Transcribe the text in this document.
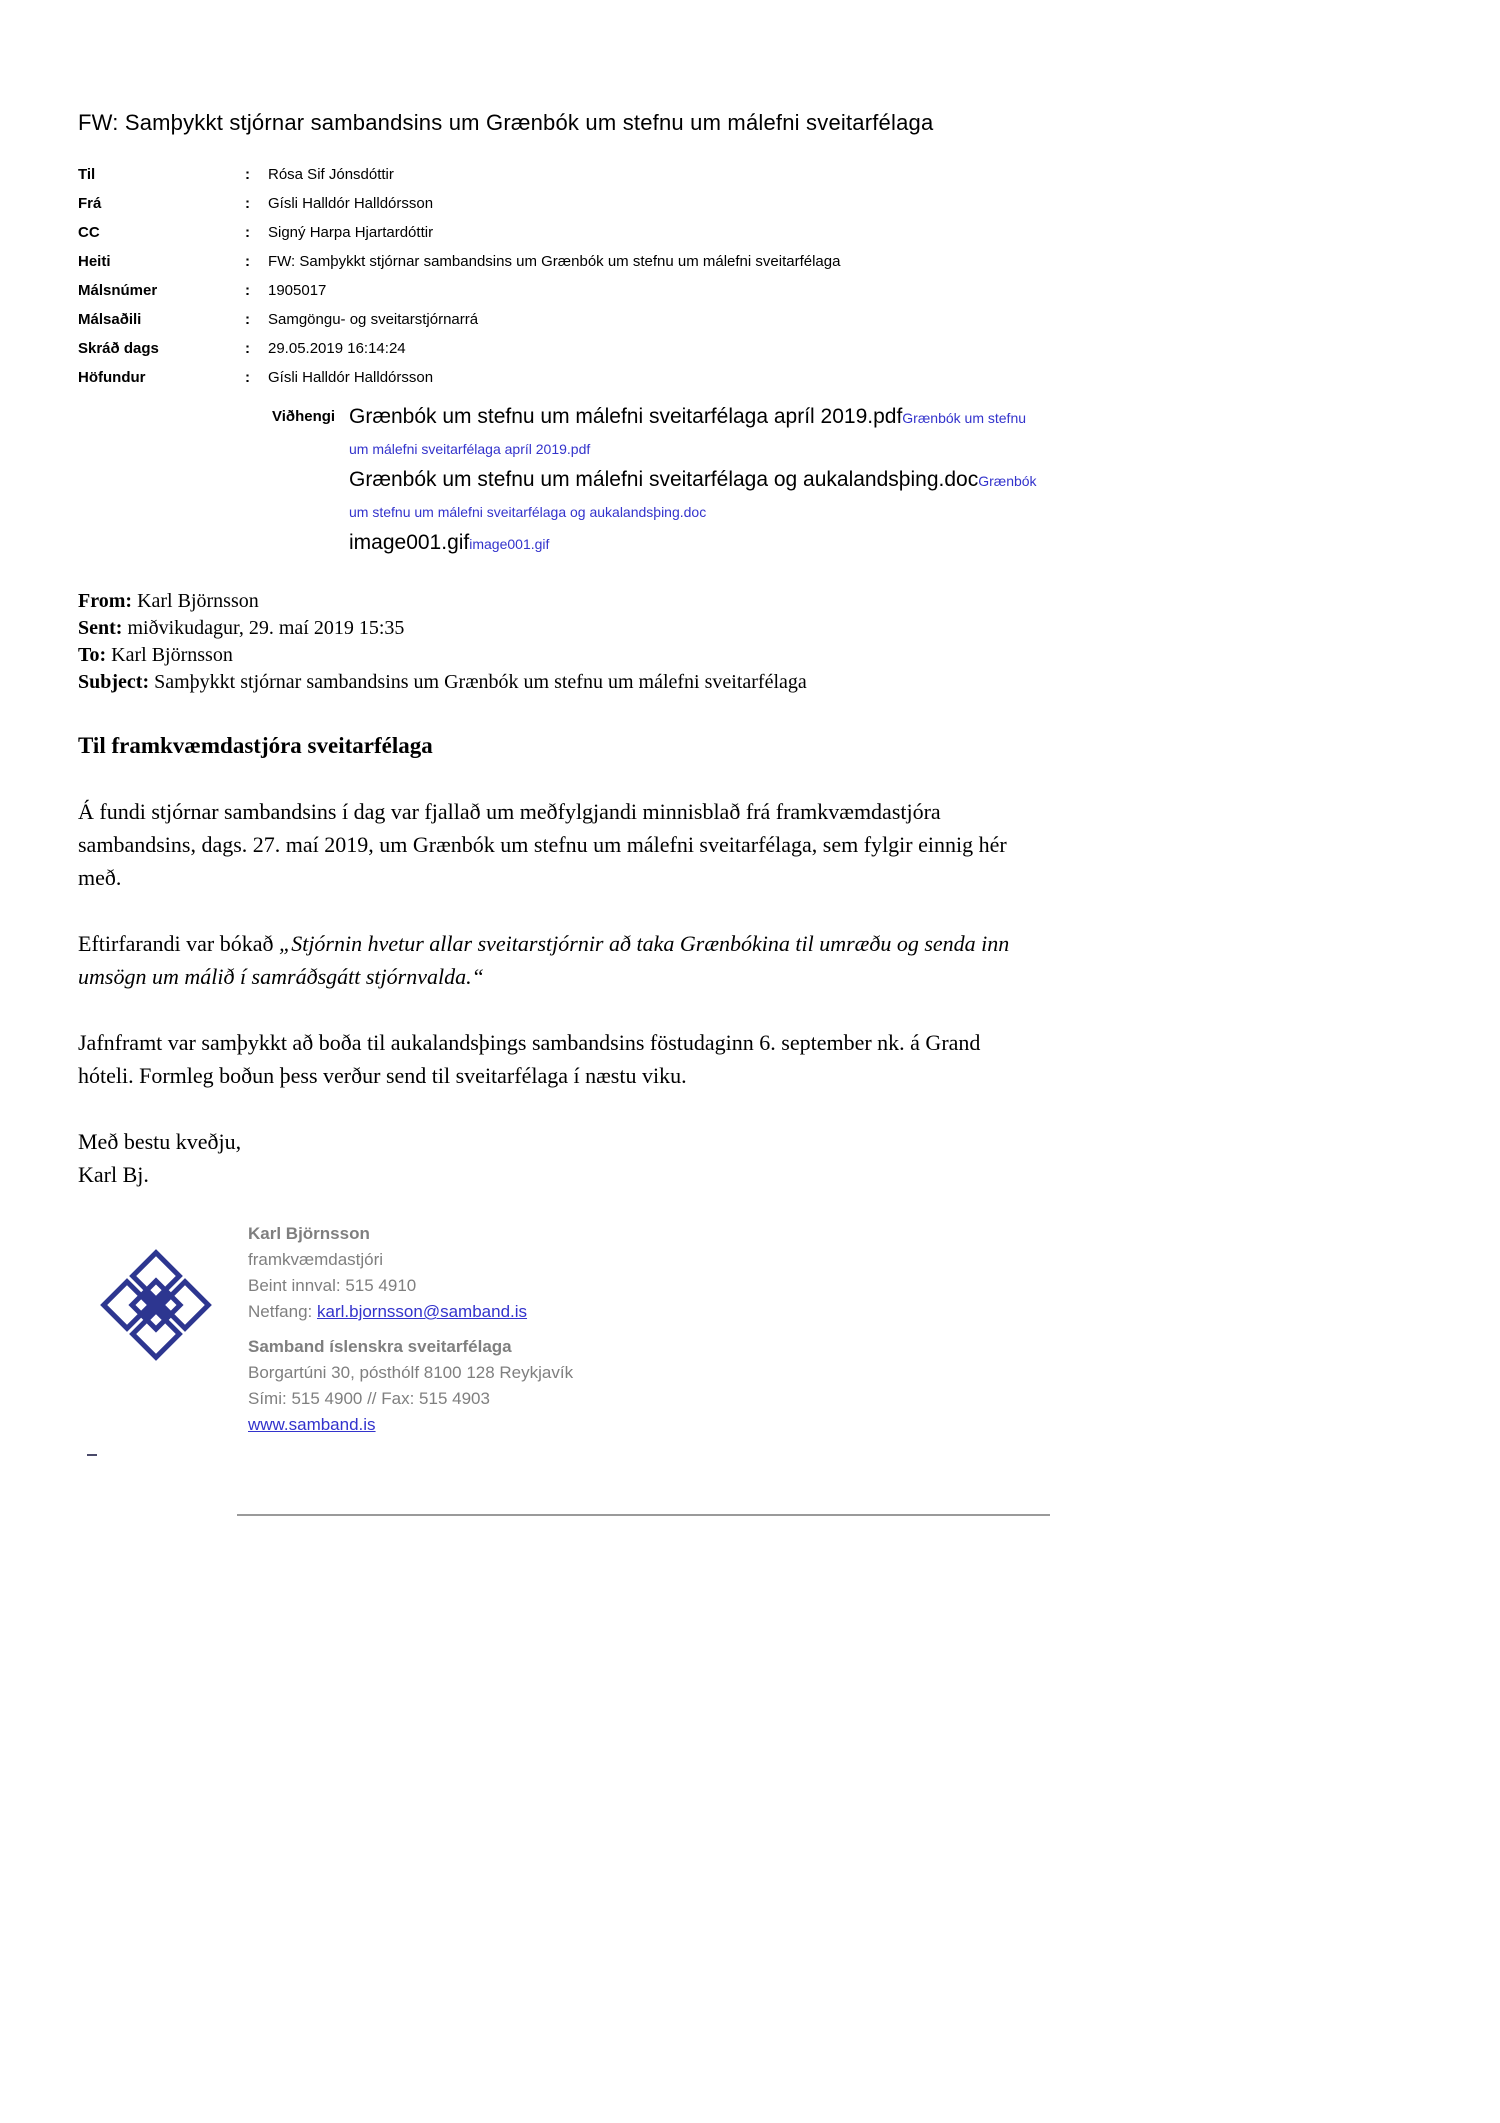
FW: Samþykkt stjórnar sambandsins um Grænbók um stefnu um málefni sveitarfélaga
Til	:	Rósa Sif Jónsdóttir
Frá	:	Gísli Halldór Halldórsson
CC	:	Signý Harpa Hjartardóttir
Heiti	:	FW: Samþykkt stjórnar sambandsins um Grænbók um stefnu um málefni sveitarfélaga
Málsnúmer	:	1905017
Málsaðili	:	Samgöngu- og sveitarstjórnarrá
Skráð dags	:	29.05.2019 16:14:24
Höfundur	:	Gísli Halldór Halldórsson
Viðhengi Grænbók um stefnu um málefni sveitarfélaga apríl 2019.pdfGrænbók um stefnu um málefni sveitarfélaga apríl 2019.pdf
Grænbók um stefnu um málefni sveitarfélaga og aukalandsþing.docGrænbók um stefnu um málefni sveitarfélaga og aukalandsþing.doc
image001.gifimage001.gif
From: Karl Björnsson
Sent: miðvikudagur, 29. maí 2019 15:35
To: Karl Björnsson
Subject: Samþykkt stjórnar sambandsins um Grænbók um stefnu um málefni sveitarfélaga

Til framkvæmdastjóra sveitarfélaga

Á fundi stjórnar sambandsins í dag var fjallað um meðfylgjandi minnisblað frá framkvæmdastjóra sambandsins, dags. 27. maí 2019, um Grænbók um stefnu um málefni sveitarfélaga, sem fylgir einnig hér með.

Eftirfarandi var bókað „Stjórnin hvetur allar sveitarstjórnir að taka Grænbókina til umræðu og senda inn umsögn um málið í samráðsgátt stjórnvalda.“

Jafnframt var samþykkt að boða til aukalandsþings sambandsins föstudaginn 6. september nk. á Grand hóteli. Formleg boðun þess verður send til sveitarfélaga í næstu viku.

Með bestu kveðju,
Karl Bj.
Karl Björnsson
framkvæmdastjóri
Beint innval: 515 4910
Netfang: karl.bjornsson@samband.is
Samband íslenskra sveitarfélaga
Borgartúni 30, pósthólf 8100 128 Reykjavík
Sími: 515 4900 // Fax: 515 4903
www.samband.is
